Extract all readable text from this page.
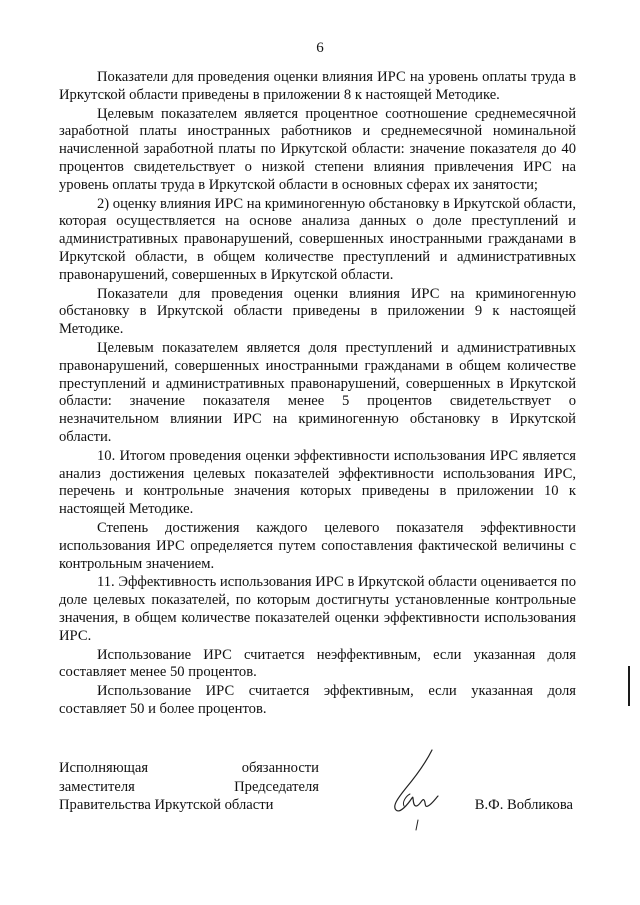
6

Показатели для проведения оценки влияния ИРС на уровень оплаты труда в Иркутской области приведены в приложении 8 к настоящей Методике.

Целевым показателем является процентное соотношение среднемесячной заработной платы иностранных работников и среднемесячной номинальной начисленной заработной платы по Иркутской области: значение показателя до 40 процентов свидетельствует о низкой степени влияния привлечения ИРС на уровень оплаты труда в Иркутской области в основных сферах их занятости;

2) оценку влияния ИРС на криминогенную обстановку в Иркутской области, которая осуществляется на основе анализа данных о доле преступлений и административных правонарушений, совершенных иностранными гражданами в Иркутской области, в общем количестве преступлений и административных правонарушений, совершенных в Иркутской области.

Показатели для проведения оценки влияния ИРС на криминогенную обстановку в Иркутской области приведены в приложении 9 к настоящей Методике.

Целевым показателем является доля преступлений и административных правонарушений, совершенных иностранными гражданами в общем количестве преступлений и административных правонарушений, совершенных в Иркутской области: значение показателя менее 5 процентов свидетельствует о незначительном влиянии ИРС на криминогенную обстановку в Иркутской области.

10. Итогом проведения оценки эффективности использования ИРС является анализ достижения целевых показателей эффективности использования ИРС, перечень и контрольные значения которых приведены в приложении 10 к настоящей Методике.

Степень достижения каждого целевого показателя эффективности использования ИРС определяется путем сопоставления фактической величины с контрольным значением.

11. Эффективность использования ИРС в Иркутской области оценивается по доле целевых показателей, по которым достигнуты установленные контрольные значения, в общем количестве показателей оценки эффективности использования ИРС.

Использование ИРС считается неэффективным, если указанная доля составляет менее 50 процентов.

Использование ИРС считается эффективным, если указанная доля составляет 50 и более процентов.

Исполняющая	обязанности
заместителя	Председателя
Правительства Иркутской области	В.Ф. Вобликова
